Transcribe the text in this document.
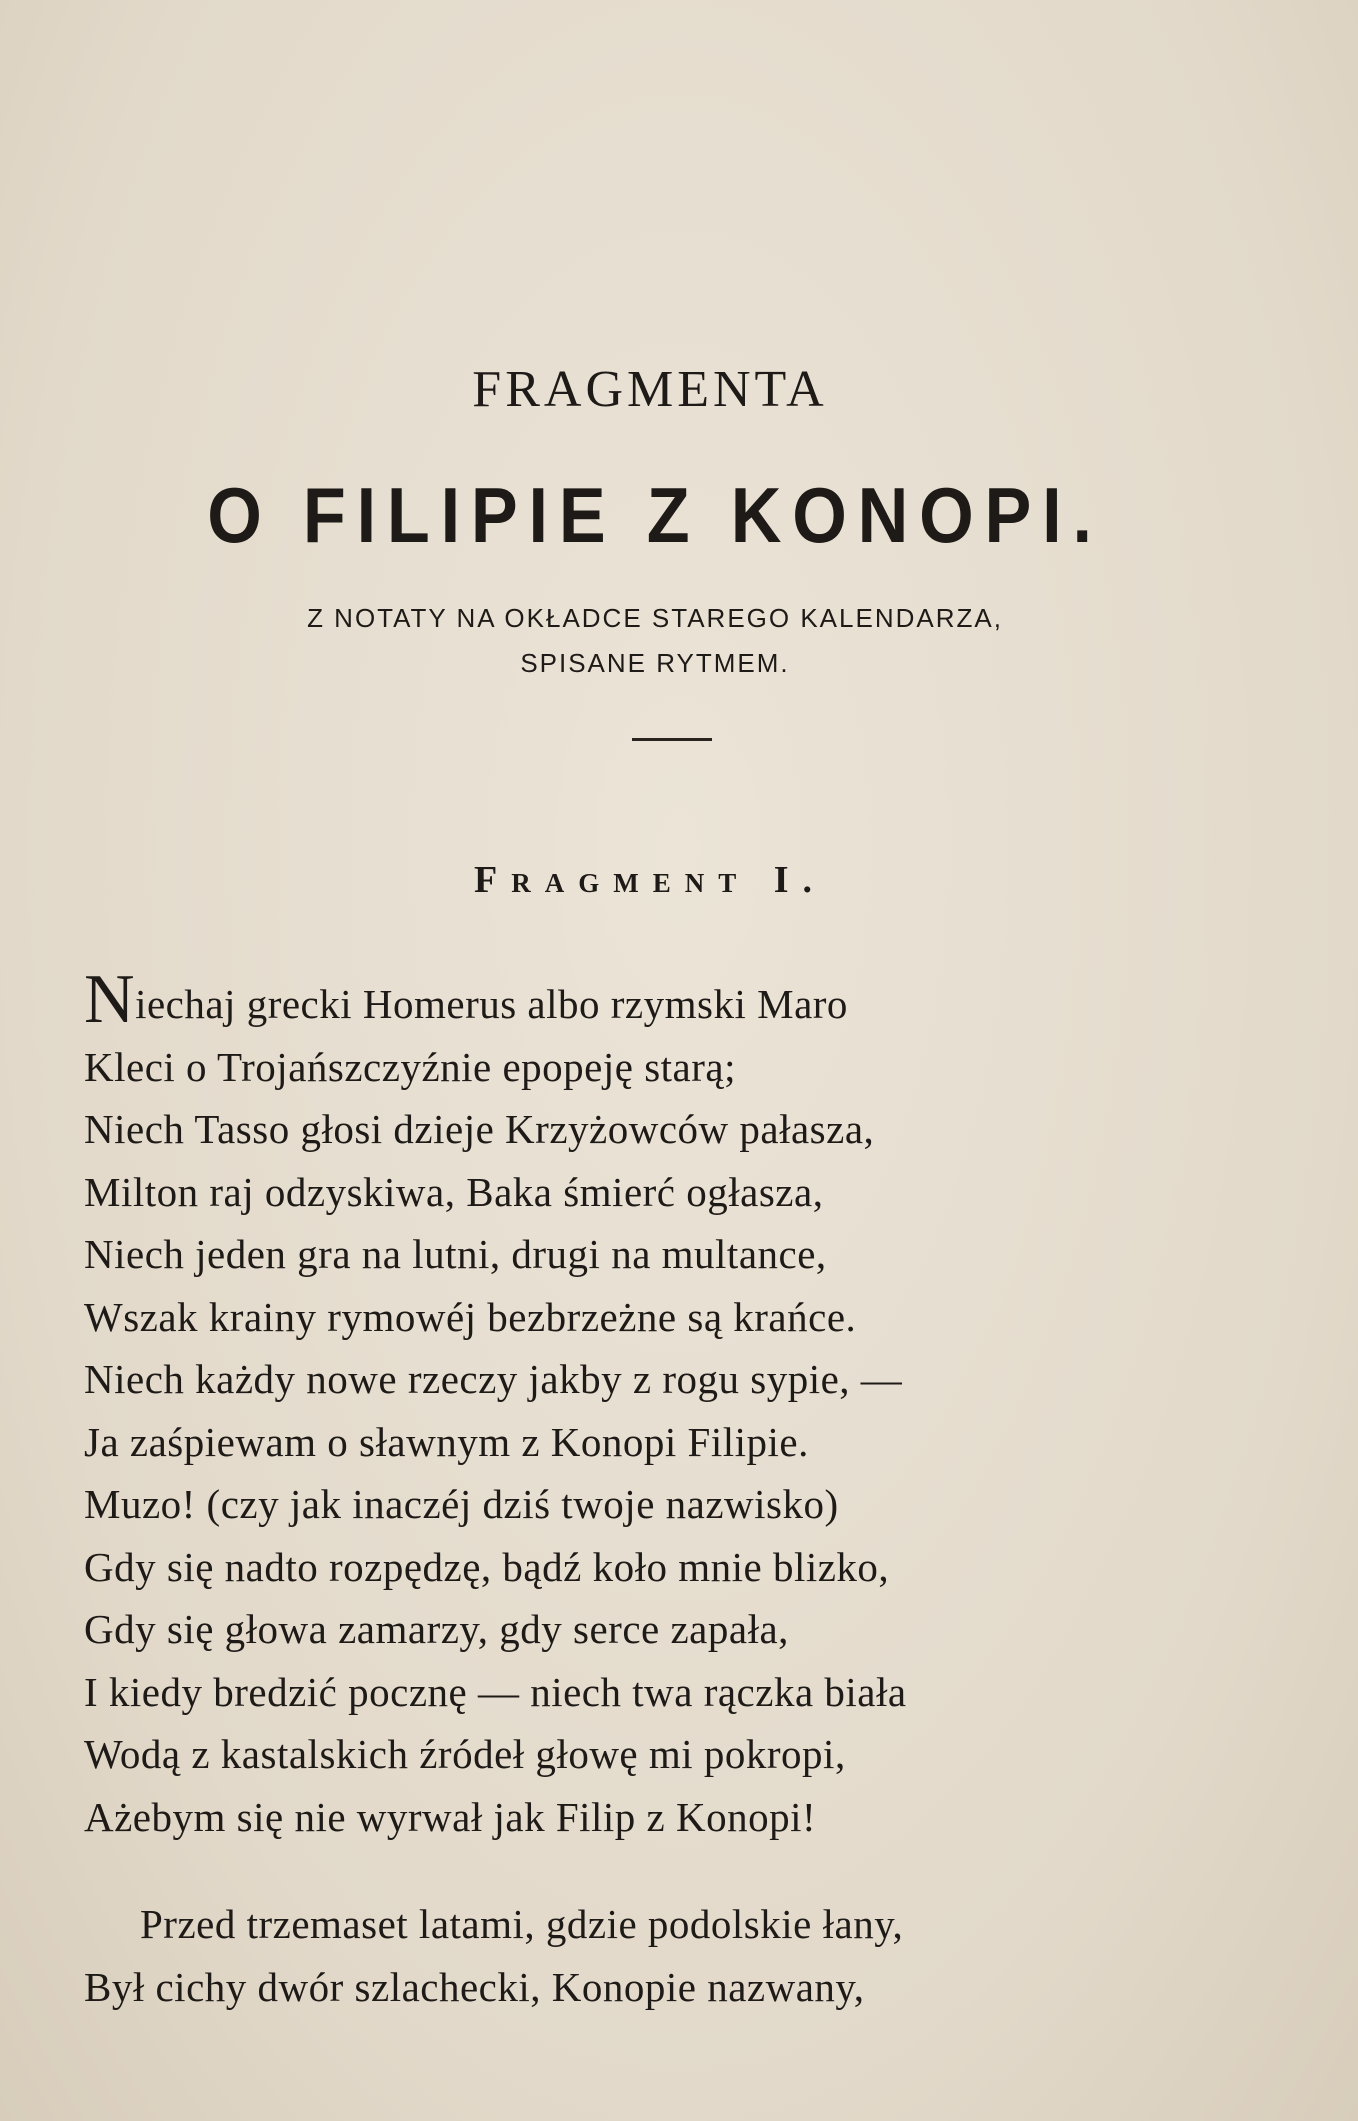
FRAGMENTA
O FILIPIE Z KONOPI.

Z NOTATY NA OKŁADCE STAREGO KALENDARZA,

SPISANE RYTMEM.

Fragment I.
Niechaj grecki Homerus albo rzymski Maro
Kleci o Trojańszczyźnie epopeję starą;
Niech Tasso głosi dzieje Krzyżowców pałasza,
Milton raj odzyskiwa, Baka śmierć ogłasza,
Niech jeden gra na lutni, drugi na multance,
Wszak krainy rymowéj bezbrzeżne są krańce.
Niech każdy nowe rzeczy jakby z rogu sypie, —
Ja zaśpiewam o sławnym z Konopi Filipie.
Muzo! (czy jak inaczéj dziś twoje nazwisko)
Gdy się nadto rozpędzę, bądź koło mnie blizko,
Gdy się głowa zamarzy, gdy serce zapała,
I kiedy bredzić pocznę — niech twa rączka biała
Wodą z kastalskich źródeł głowę mi pokropi,
Ażebym się nie wyrwał jak Filip z Konopi!
Przed trzemaset latami, gdzie podolskie łany,
Był cichy dwór szlachecki, Konopie nazwany,
